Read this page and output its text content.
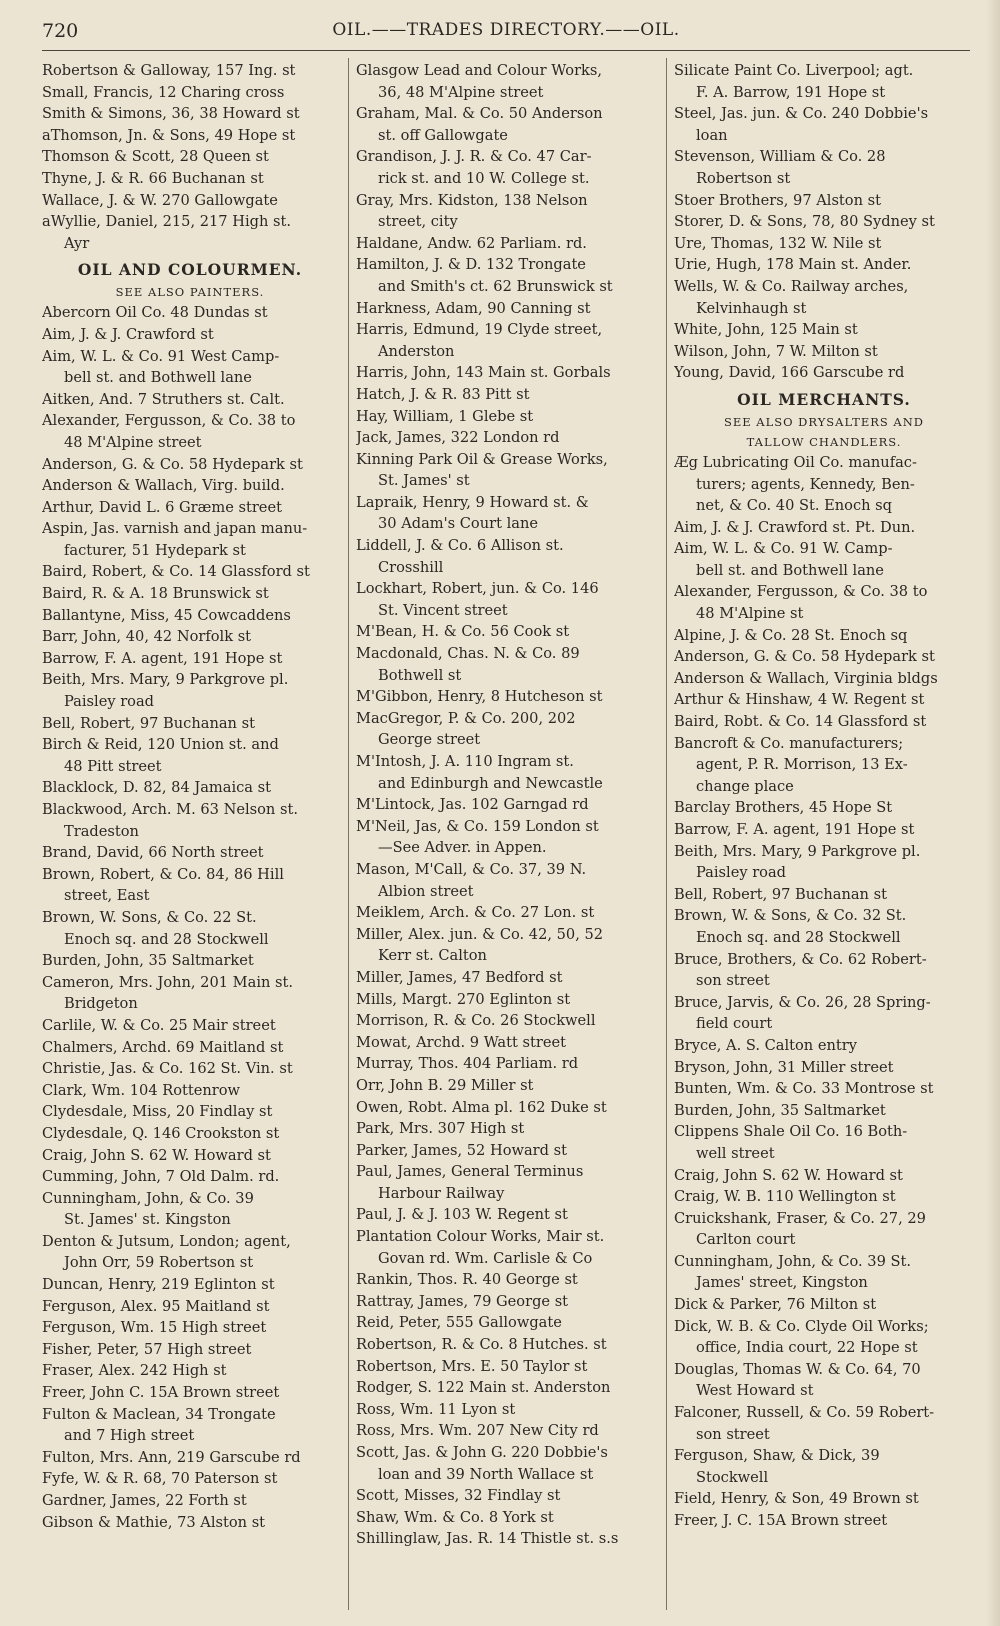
720	OIL.——TRADES DIRECTORY.——OIL.
Robertson & Galloway, 157 Ing. st
Small, Francis, 12 Charing cross
Smith & Simons, 36, 38 Howard st
aThomson, Jn. & Sons, 49 Hope st
Thomson & Scott, 28 Queen st
Thyne, J. & R. 66 Buchanan st
Wallace, J. & W. 270 Gallowgate
aWyllie, Daniel, 215, 217 High st.
Ayr
OIL AND COLOURMEN.
SEE ALSO PAINTERS.
Abercorn Oil Co. 48 Dundas st
Aim, J. & J. Crawford st
Aim, W. L. & Co. 91 West Camp-
bell st. and Bothwell lane
Aitken, And. 7 Struthers st. Calt.
Alexander, Fergusson, & Co. 38 to
48 M'Alpine street
Anderson, G. & Co. 58 Hydepark st
Anderson & Wallach, Virg. build.
Arthur, David L. 6 Græme street
Aspin, Jas. varnish and japan manu-
facturer, 51 Hydepark st
Baird, Robert, & Co. 14 Glassford st
Baird, R. & A. 18 Brunswick st
Ballantyne, Miss, 45 Cowcaddens
Barr, John, 40, 42 Norfolk st
Barrow, F. A. agent, 191 Hope st
Beith, Mrs. Mary, 9 Parkgrove pl.
Paisley road
Bell, Robert, 97 Buchanan st
Birch & Reid, 120 Union st. and
48 Pitt street
Blacklock, D. 82, 84 Jamaica st
Blackwood, Arch. M. 63 Nelson st.
Tradeston
Brand, David, 66 North street
Brown, Robert, & Co. 84, 86 Hill
street, East
Brown, W. Sons, & Co. 22 St.
Enoch sq. and 28 Stockwell
Burden, John, 35 Saltmarket
Cameron, Mrs. John, 201 Main st.
Bridgeton
Carlile, W. & Co. 25 Mair street
Chalmers, Archd. 69 Maitland st
Christie, Jas. & Co. 162 St. Vin. st
Clark, Wm. 104 Rottenrow
Clydesdale, Miss, 20 Findlay st
Clydesdale, Q. 146 Crookston st
Craig, John S. 62 W. Howard st
Cumming, John, 7 Old Dalm. rd.
Cunningham, John, & Co. 39
St. James' st. Kingston
Denton & Jutsum, London; agent,
John Orr, 59 Robertson st
Duncan, Henry, 219 Eglinton st
Ferguson, Alex. 95 Maitland st
Ferguson, Wm. 15 High street
Fisher, Peter, 57 High street
Fraser, Alex. 242 High st
Freer, John C. 15A Brown street
Fulton & Maclean, 34 Trongate
and 7 High street
Fulton, Mrs. Ann, 219 Garscube rd
Fyfe, W. & R. 68, 70 Paterson st
Gardner, James, 22 Forth st
Gibson & Mathie, 73 Alston st
Glasgow Lead and Colour Works,
36, 48 M'Alpine street
Graham, Mal. & Co. 50 Anderson
st. off Gallowgate
Grandison, J. J. R. & Co. 47 Car-
rick st. and 10 W. College st.
Gray, Mrs. Kidston, 138 Nelson
street, city
Haldane, Andw. 62 Parliam. rd.
Hamilton, J. & D. 132 Trongate
and Smith's ct. 62 Brunswick st
Harkness, Adam, 90 Canning st
Harris, Edmund, 19 Clyde street,
Anderston
Harris, John, 143 Main st. Gorbals
Hatch, J. & R. 83 Pitt st
Hay, William, 1 Glebe st
Jack, James, 322 London rd
Kinning Park Oil & Grease Works,
St. James' st
Lapraik, Henry, 9 Howard st. &
30 Adam's Court lane
Liddell, J. & Co. 6 Allison st.
Crosshill
Lockhart, Robert, jun. & Co. 146
St. Vincent street
M'Bean, H. & Co. 56 Cook st
Macdonald, Chas. N. & Co. 89
Bothwell st
M'Gibbon, Henry, 8 Hutcheson st
MacGregor, P. & Co. 200, 202
George street
M'Intosh, J. A. 110 Ingram st.
and Edinburgh and Newcastle
M'Lintock, Jas. 102 Garngad rd
M'Neil, Jas, & Co. 159 London st
—See Adver. in Appen.
Mason, M'Call, & Co. 37, 39 N.
Albion street
Meiklem, Arch. & Co. 27 Lon. st
Miller, Alex. jun. & Co. 42, 50, 52
Kerr st. Calton
Miller, James, 47 Bedford st
Mills, Margt. 270 Eglinton st
Morrison, R. & Co. 26 Stockwell
Mowat, Archd. 9 Watt street
Murray, Thos. 404 Parliam. rd
Orr, John B. 29 Miller st
Owen, Robt. Alma pl. 162 Duke st
Park, Mrs. 307 High st
Parker, James, 52 Howard st
Paul, James, General Terminus
Harbour Railway
Paul, J. & J. 103 W. Regent st
Plantation Colour Works, Mair st.
Govan rd. Wm. Carlisle & Co
Rankin, Thos. R. 40 George st
Rattray, James, 79 George st
Reid, Peter, 555 Gallowgate
Robertson, R. & Co. 8 Hutches. st
Robertson, Mrs. E. 50 Taylor st
Rodger, S. 122 Main st. Anderston
Ross, Wm. 11 Lyon st
Ross, Mrs. Wm. 207 New City rd
Scott, Jas. & John G. 220 Dobbie's
loan and 39 North Wallace st
Scott, Misses, 32 Findlay st
Shaw, Wm. & Co. 8 York st
Shillinglaw, Jas. R. 14 Thistle st. s.s
Silicate Paint Co. Liverpool; agt.
F. A. Barrow, 191 Hope st
Steel, Jas. jun. & Co. 240 Dobbie's
loan
Stevenson, William & Co. 28
Robertson st
Stoer Brothers, 97 Alston st
Storer, D. & Sons, 78, 80 Sydney st
Ure, Thomas, 132 W. Nile st
Urie, Hugh, 178 Main st. Ander.
Wells, W. & Co. Railway arches,
Kelvinhaugh st
White, John, 125 Main st
Wilson, John, 7 W. Milton st
Young, David, 166 Garscube rd
OIL MERCHANTS.
SEE ALSO DRYSALTERS AND
TALLOW CHANDLERS.
Æg Lubricating Oil Co. manufac-
turers; agents, Kennedy, Ben-
net, & Co. 40 St. Enoch sq
Aim, J. & J. Crawford st. Pt. Dun.
Aim, W. L. & Co. 91 W. Camp-
bell st. and Bothwell lane
Alexander, Fergusson, & Co. 38 to
48 M'Alpine st
Alpine, J. & Co. 28 St. Enoch sq
Anderson, G. & Co. 58 Hydepark st
Anderson & Wallach, Virginia bldgs
Arthur & Hinshaw, 4 W. Regent st
Baird, Robt. & Co. 14 Glassford st
Bancroft & Co. manufacturers;
agent, P. R. Morrison, 13 Ex-
change place
Barclay Brothers, 45 Hope St
Barrow, F. A. agent, 191 Hope st
Beith, Mrs. Mary, 9 Parkgrove pl.
Paisley road
Bell, Robert, 97 Buchanan st
Brown, W. & Sons, & Co. 32 St.
Enoch sq. and 28 Stockwell
Bruce, Brothers, & Co. 62 Robert-
son street
Bruce, Jarvis, & Co. 26, 28 Spring-
field court
Bryce, A. S. Calton entry
Bryson, John, 31 Miller street
Bunten, Wm. & Co. 33 Montrose st
Burden, John, 35 Saltmarket
Clippens Shale Oil Co. 16 Both-
well street
Craig, John S. 62 W. Howard st
Craig, W. B. 110 Wellington st
Cruickshank, Fraser, & Co. 27, 29
Carlton court
Cunningham, John, & Co. 39 St.
James' street, Kingston
Dick & Parker, 76 Milton st
Dick, W. B. & Co. Clyde Oil Works;
office, India court, 22 Hope st
Douglas, Thomas W. & Co. 64, 70
West Howard st
Falconer, Russell, & Co. 59 Robert-
son street
Ferguson, Shaw, & Dick, 39
Stockwell
Field, Henry, & Son, 49 Brown st
Freer, J. C. 15A Brown street
